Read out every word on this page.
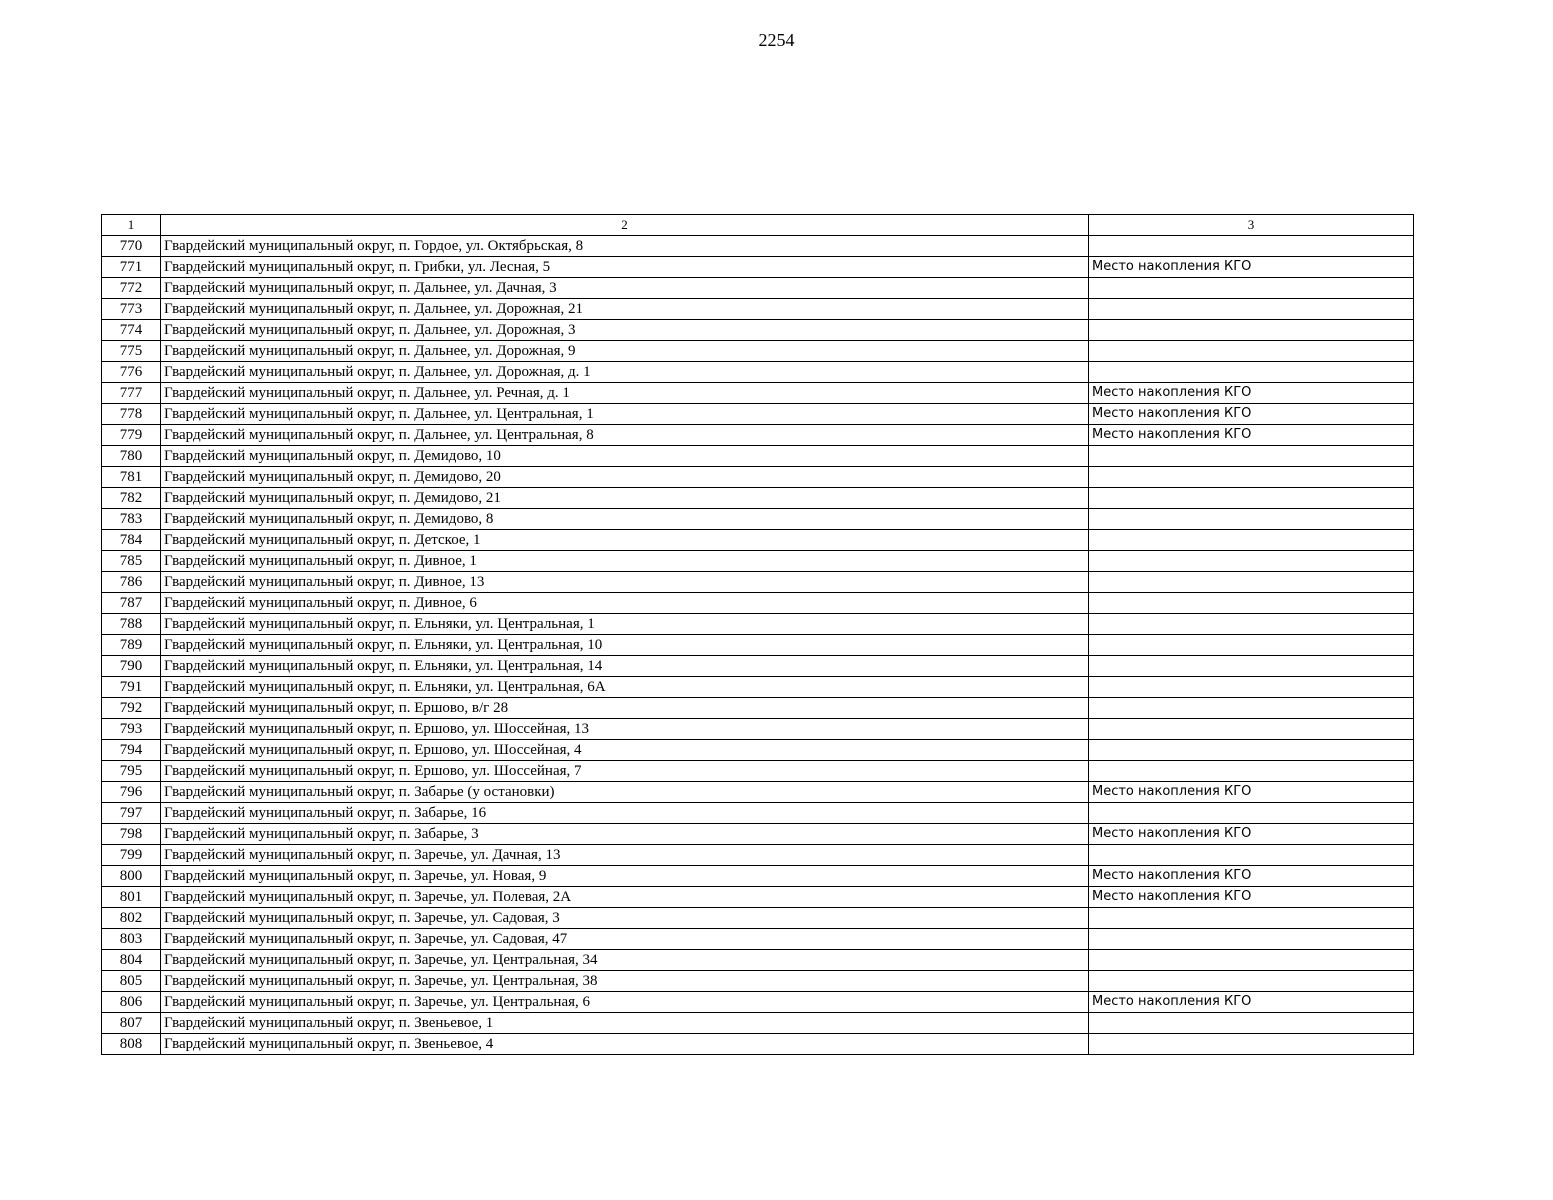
2254
1	2	3
770	Гвардейский муниципальный округ, п. Гордое, ул. Октябрьская, 8	
771	Гвардейский муниципальный округ, п. Грибки, ул. Лесная, 5	Место накопления КГО
772	Гвардейский муниципальный округ, п. Дальнее, ул. Дачная, 3	
773	Гвардейский муниципальный округ, п. Дальнее, ул. Дорожная, 21	
774	Гвардейский муниципальный округ, п. Дальнее, ул. Дорожная, 3	
775	Гвардейский муниципальный округ, п. Дальнее, ул. Дорожная, 9	
776	Гвардейский муниципальный округ, п. Дальнее, ул. Дорожная, д. 1	
777	Гвардейский муниципальный округ, п. Дальнее, ул. Речная, д. 1	Место накопления КГО
778	Гвардейский муниципальный округ, п. Дальнее, ул. Центральная, 1	Место накопления КГО
779	Гвардейский муниципальный округ, п. Дальнее, ул. Центральная, 8	Место накопления КГО
780	Гвардейский муниципальный округ, п. Демидово, 10	
781	Гвардейский муниципальный округ, п. Демидово, 20	
782	Гвардейский муниципальный округ, п. Демидово, 21	
783	Гвардейский муниципальный округ, п. Демидово, 8	
784	Гвардейский муниципальный округ, п. Детское, 1	
785	Гвардейский муниципальный округ, п. Дивное, 1	
786	Гвардейский муниципальный округ, п. Дивное, 13	
787	Гвардейский муниципальный округ, п. Дивное, 6	
788	Гвардейский муниципальный округ, п. Ельняки, ул. Центральная, 1	
789	Гвардейский муниципальный округ, п. Ельняки, ул. Центральная, 10	
790	Гвардейский муниципальный округ, п. Ельняки, ул. Центральная, 14	
791	Гвардейский муниципальный округ, п. Ельняки, ул. Центральная, 6А	
792	Гвардейский муниципальный округ, п. Ершово, в/г 28	
793	Гвардейский муниципальный округ, п. Ершово, ул. Шоссейная, 13	
794	Гвардейский муниципальный округ, п. Ершово, ул. Шоссейная, 4	
795	Гвардейский муниципальный округ, п. Ершово, ул. Шоссейная, 7	
796	Гвардейский муниципальный округ, п. Забарье (у остановки)	Место накопления КГО
797	Гвардейский муниципальный округ, п. Забарье, 16	
798	Гвардейский муниципальный округ, п. Забарье, 3	Место накопления КГО
799	Гвардейский муниципальный округ, п. Заречье, ул. Дачная, 13	
800	Гвардейский муниципальный округ, п. Заречье, ул. Новая, 9	Место накопления КГО
801	Гвардейский муниципальный округ, п. Заречье, ул. Полевая, 2А	Место накопления КГО
802	Гвардейский муниципальный округ, п. Заречье, ул. Садовая, 3	
803	Гвардейский муниципальный округ, п. Заречье, ул. Садовая, 47	
804	Гвардейский муниципальный округ, п. Заречье, ул. Центральная, 34	
805	Гвардейский муниципальный округ, п. Заречье, ул. Центральная, 38	
806	Гвардейский муниципальный округ, п. Заречье, ул. Центральная, 6	Место накопления КГО
807	Гвардейский муниципальный округ, п. Звеньевое, 1	
808	Гвардейский муниципальный округ, п. Звеньевое, 4	
